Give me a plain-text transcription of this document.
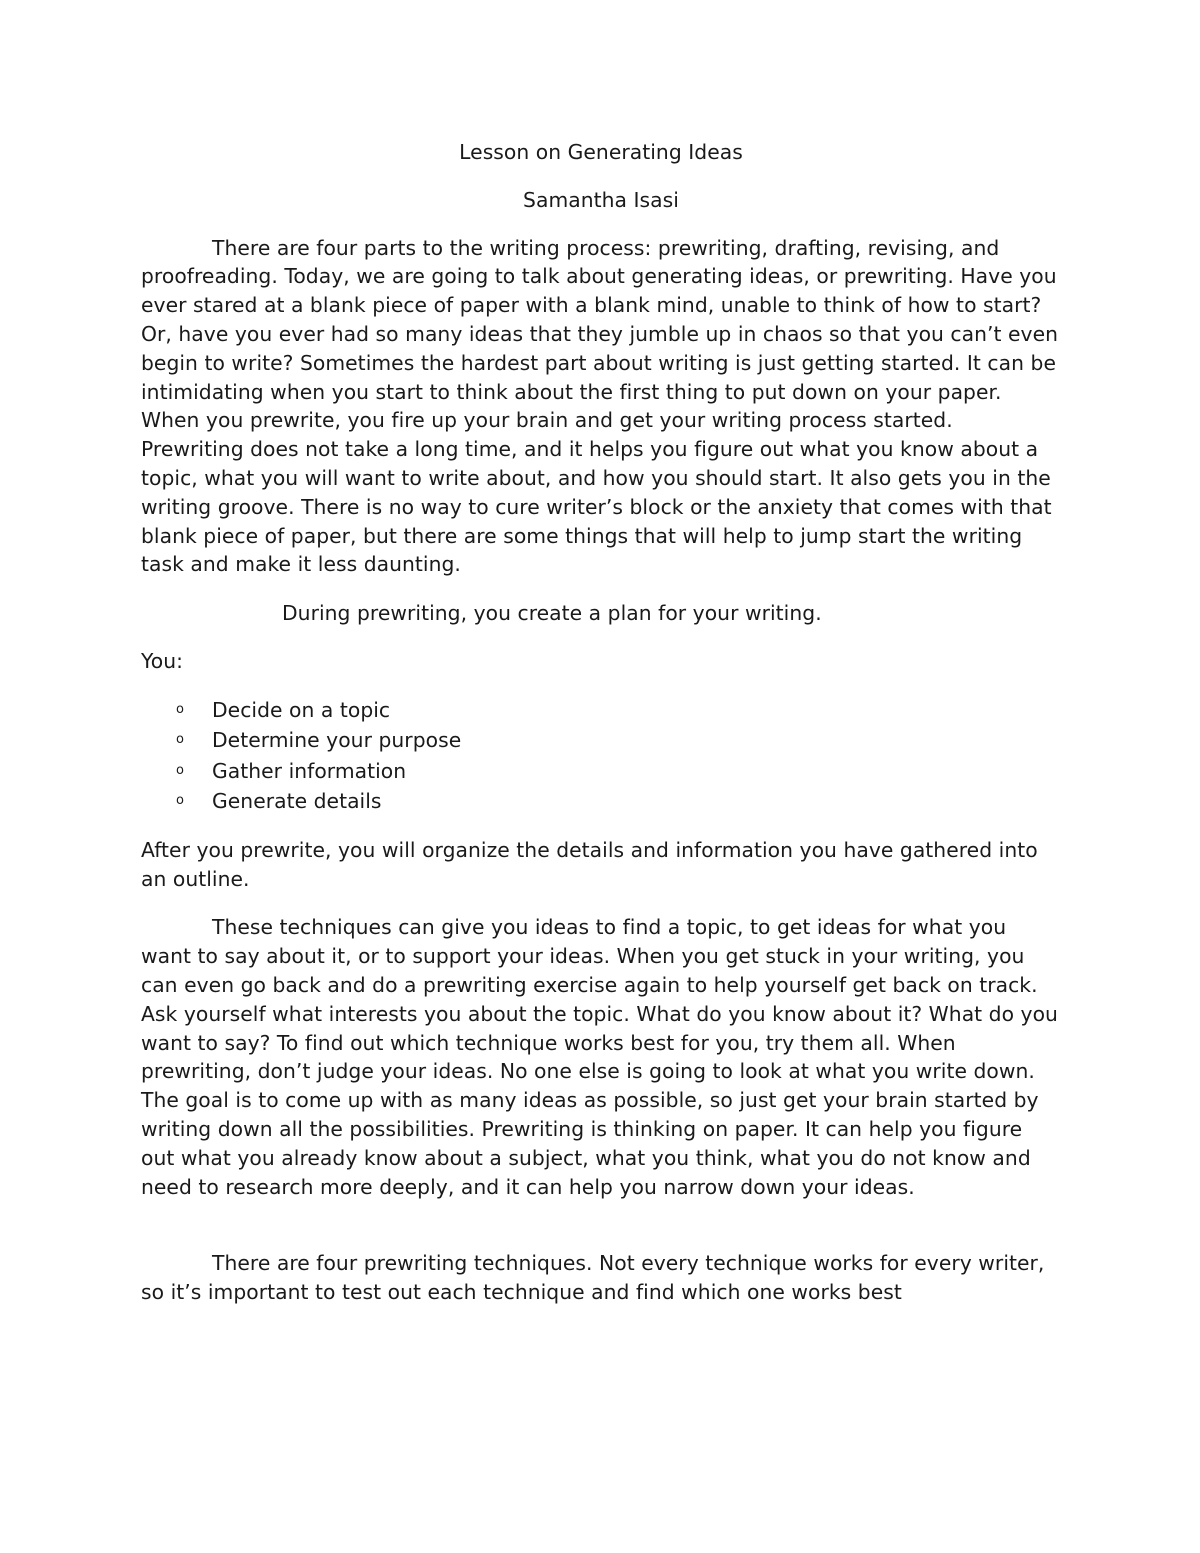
Lesson on Generating Ideas

Samantha Isasi

There are four parts to the writing process: prewriting, drafting, revising, and proofreading. Today, we are going to talk about generating ideas, or prewriting. Have you ever stared at a blank piece of paper with a blank mind, unable to think of how to start? Or, have you ever had so many ideas that they jumble up in chaos so that you can’t even begin to write? Sometimes the hardest part about writing is just getting started. It can be intimidating when you start to think about the first thing to put down on your paper. When you prewrite, you fire up your brain and get your writing process started. Prewriting does not take a long time, and it helps you figure out what you know about a topic, what you will want to write about, and how you should start. It also gets you in the writing groove. There is no way to cure writer’s block or the anxiety that comes with that blank piece of paper, but there are some things that will help to jump start the writing task and make it less daunting.

During prewriting, you create a plan for your writing.

You:

o Decide on a topic
o Determine your purpose
o Gather information
o Generate details

After you prewrite, you will organize the details and information you have gathered into an outline.

These techniques can give you ideas to find a topic, to get ideas for what you want to say about it, or to support your ideas. When you get stuck in your writing, you can even go back and do a prewriting exercise again to help yourself get back on track. Ask yourself what interests you about the topic. What do you know about it? What do you want to say? To find out which technique works best for you, try them all. When prewriting, don’t judge your ideas. No one else is going to look at what you write down. The goal is to come up with as many ideas as possible, so just get your brain started by writing down all the possibilities. Prewriting is thinking on paper. It can help you figure out what you already know about a subject, what you think, what you do not know and need to research more deeply, and it can help you narrow down your ideas.

There are four prewriting techniques. Not every technique works for every writer, so it’s important to test out each technique and find which one works best
